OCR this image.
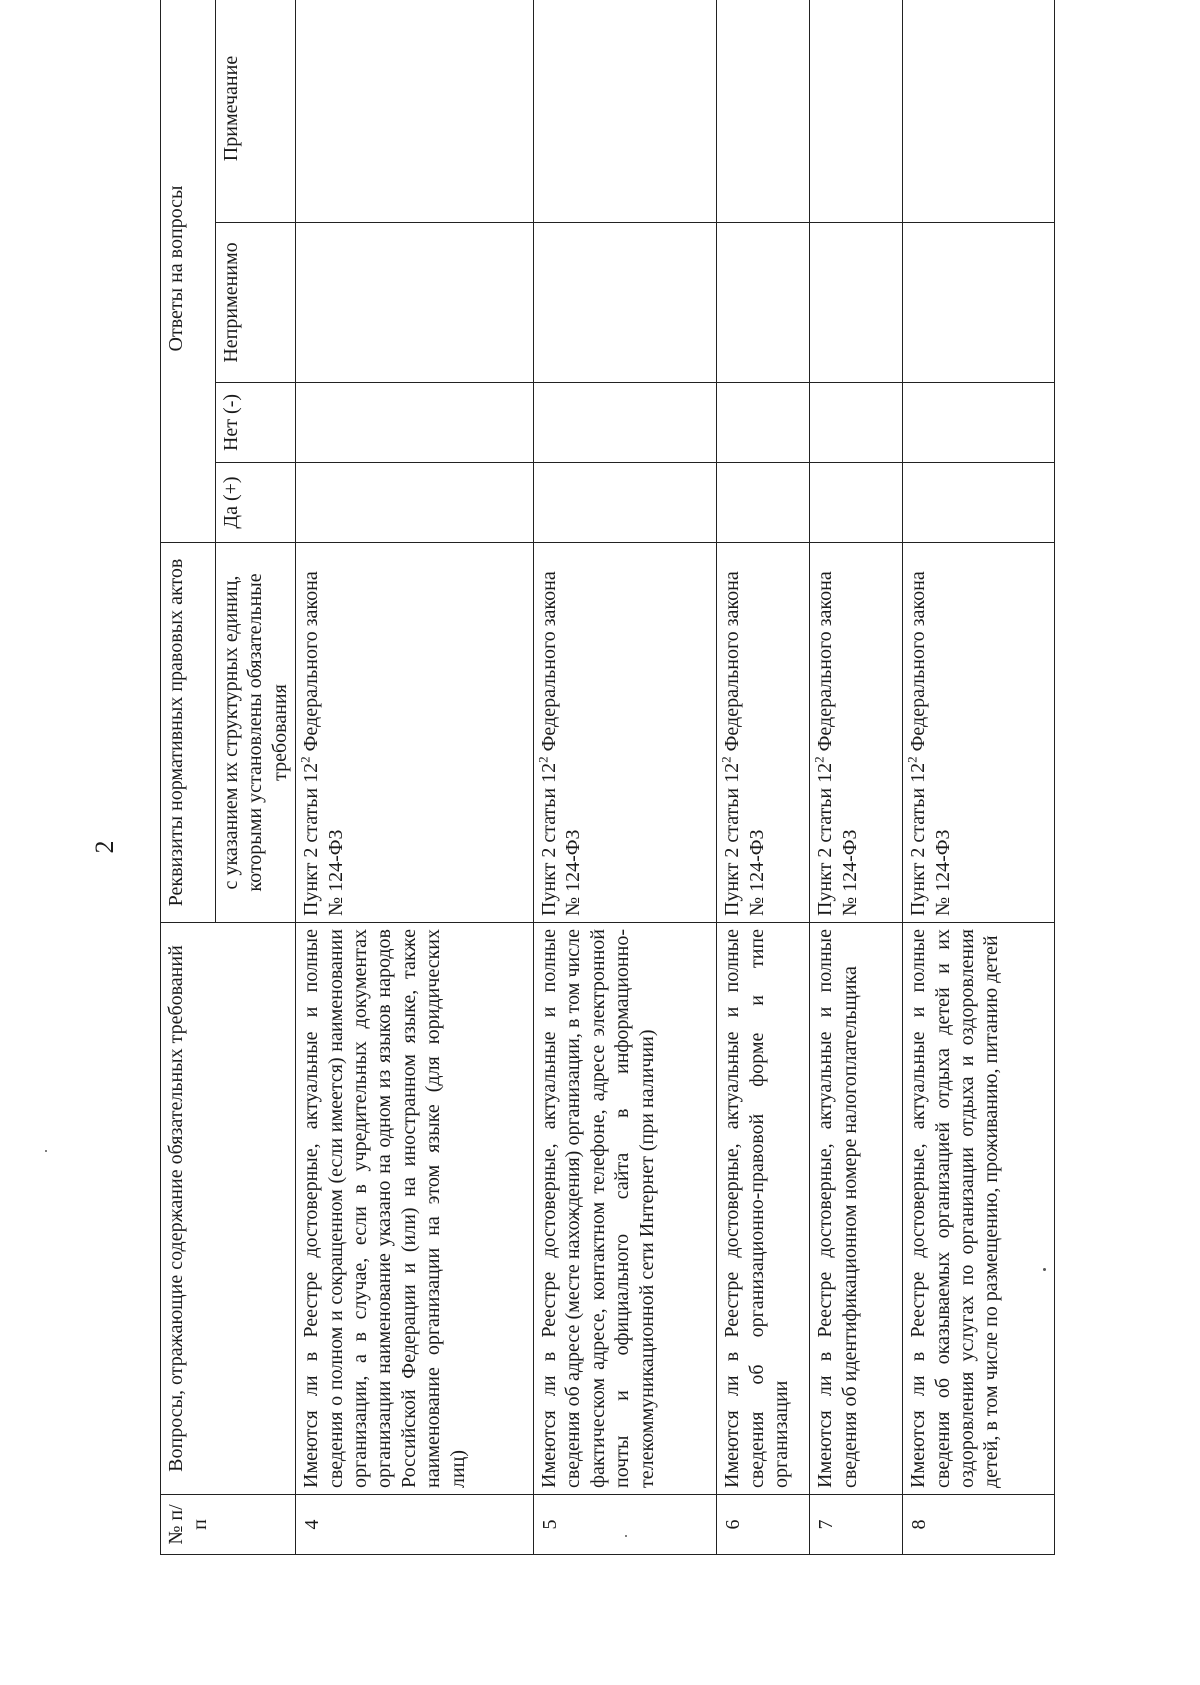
2
№ п/п	Вопросы, отражающие содержание обязательных требований	Реквизиты нормативных правовых актов	Ответы на вопросы			
		с указанием их структурных единиц, которыми установлены обязательные требования	Да (+)	Нет (-)	Неприменимо	Примечание
4	Имеются ли в Реестре достоверные, актуальные и полные сведения о полном и сокращенном (если имеется) наименовании организации, а в случае, если в учредительных документах организации наименование указано на одном из языков народов Российской Федерации и (или) на иностранном языке, также наименование организации на этом языке (для юридических лиц)	Пункт 2 статьи $12^2$ Федерального закона № 124-ФЗ				
5	Имеются ли в Реестре достоверные, актуальные и полные сведения об адресе (месте нахождения) организации, в том числе фактическом адресе, контактном телефоне, адресе электронной почты и официального сайта в информационно-телекоммуникационной сети Интернет (при наличии)	Пункт 2 статьи $12^2$ Федерального закона № 124-ФЗ				
6	Имеются ли в Реестре достоверные, актуальные и полные сведения об организационно-правовой форме и типе организации	Пункт 2 статьи $12^2$ Федерального закона № 124-ФЗ				
7	Имеются ли в Реестре достоверные, актуальные и полные сведения об идентификационном номере налогоплательщика	Пункт 2 статьи $12^2$ Федерального закона № 124-ФЗ				
8	Имеются ли в Реестре достоверные, актуальные и полные сведения об оказываемых организацией отдыха детей и их оздоровления услугах по организации отдыха и оздоровления детей, в том числе по размещению, проживанию, питанию детей	Пункт 2 статьи $12^2$ Федерального закона № 124-ФЗ				
